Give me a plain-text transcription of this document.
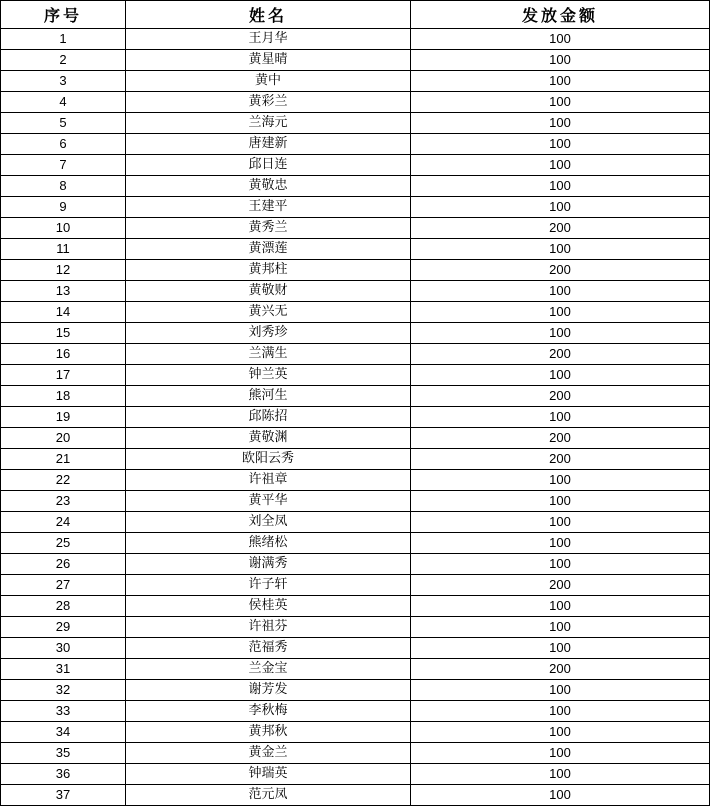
序号	姓名	发放金额
1	王月华	100
2	黄星晴	100
3	黄中	100
4	黄彩兰	100
5	兰海元	100
6	唐建新	100
7	邱日连	100
8	黄敬忠	100
9	王建平	100
10	黄秀兰	200
11	黄漂莲	100
12	黄邦柱	200
13	黄敬财	100
14	黄兴无	100
15	刘秀珍	100
16	兰满生	200
17	钟兰英	100
18	熊河生	200
19	邱陈招	100
20	黄敬渊	200
21	欧阳云秀	200
22	许祖章	100
23	黄平华	100
24	刘全凤	100
25	熊绪松	100
26	谢满秀	100
27	许子轩	200
28	侯桂英	100
29	许祖芬	100
30	范福秀	100
31	兰金宝	200
32	谢芳发	100
33	李秋梅	100
34	黄邦秋	100
35	黄金兰	100
36	钟瑞英	100
37	范元凤	100
